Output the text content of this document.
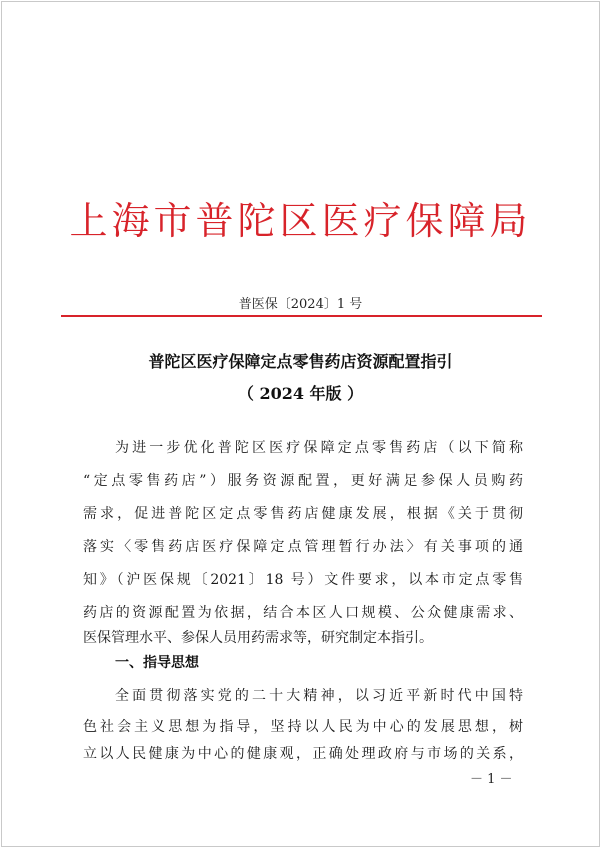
上海市普陀区医疗保障局
普医保〔2024〕1 号
普陀区医疗保障定点零售药店资源配置指引
（ 2024 年版 ）
为进一步优化普陀区医疗保障定点零售药店（以下简称
“定点零售药店”）服务资源配置，更好满足参保人员购药
需求，促进普陀区定点零售药店健康发展，根据《关于贯彻
落实〈零售药店医疗保障定点管理暂行办法〉有关事项的通
知》（沪医保规〔2021〕18 号）文件要求，以本市定点零售
药店的资源配置为依据，结合本区人口规模、公众健康需求、
医保管理水平、参保人员用药需求等，研究制定本指引。
一、指导思想
全面贯彻落实党的二十大精神，以习近平新时代中国特
色社会主义思想为指导，坚持以人民为中心的发展思想，树
立以人民健康为中心的健康观，正确处理政府与市场的关系，
－ 1 －
